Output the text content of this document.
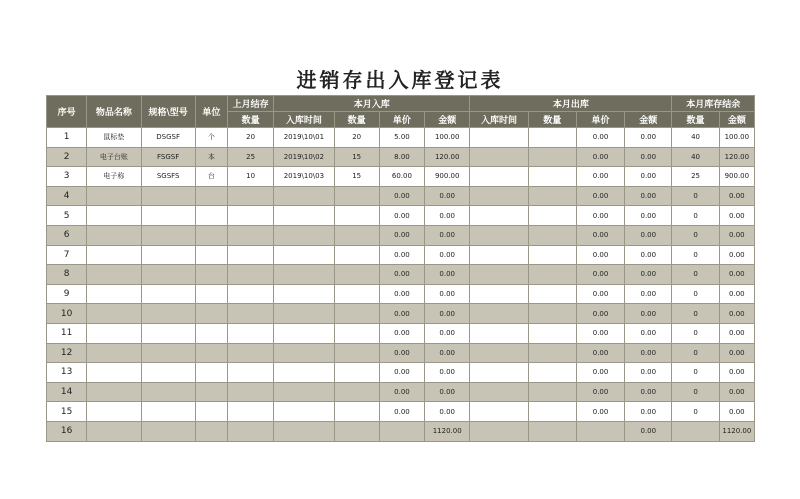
进销存出入库登记表
序号	物品名称	规格\型号	单位	上月结存	本月入库				本月出库				本月库存结余	
				数量	入库时间	数量	单价	金额	入库时间	数量	单价	金额	数量	金额
1	鼠标垫	DSGSF	个	20	2019\10\01	20	5.00	100.00			0.00	0.00	40	100.00
2	电子台账	FSGSF	本	25	2019\10\02	15	8.00	120.00			0.00	0.00	40	120.00
3	电子称	SGSFS	台	10	2019\10\03	15	60.00	900.00			0.00	0.00	25	900.00
4							0.00	0.00			0.00	0.00	0	0.00
5							0.00	0.00			0.00	0.00	0	0.00
6							0.00	0.00			0.00	0.00	0	0.00
7							0.00	0.00			0.00	0.00	0	0.00
8							0.00	0.00			0.00	0.00	0	0.00
9							0.00	0.00			0.00	0.00	0	0.00
10							0.00	0.00			0.00	0.00	0	0.00
11							0.00	0.00			0.00	0.00	0	0.00
12							0.00	0.00			0.00	0.00	0	0.00
13							0.00	0.00			0.00	0.00	0	0.00
14							0.00	0.00			0.00	0.00	0	0.00
15							0.00	0.00			0.00	0.00	0	0.00
16								1120.00				0.00		1120.00
